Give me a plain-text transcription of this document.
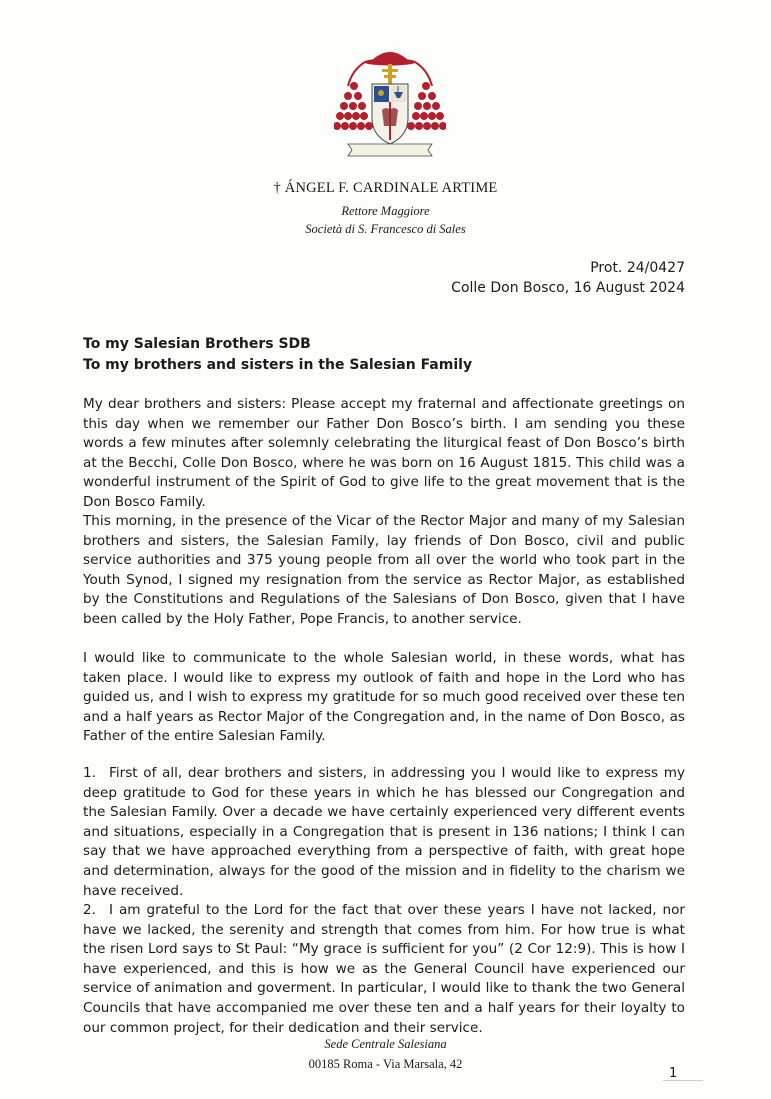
† ÁNGEL F. CARDINALE ARTIME
Rettore Maggiore
Società di S. Francesco di Sales
Prot. 24/0427
Colle Don Bosco, 16 August 2024
To my Salesian Brothers SDB
To my brothers and sisters in the Salesian Family

My dear brothers and sisters: Please accept my fraternal and affectionate greetings on this day when we remember our Father Don Bosco’s birth. I am sending you these words a few minutes after solemnly celebrating the liturgical feast of Don Bosco’s birth at the Becchi, Colle Don Bosco, where he was born on 16 August 1815. This child was a wonderful instrument of the Spirit of God to give life to the great movement that is the Don Bosco Family.

This morning, in the presence of the Vicar of the Rector Major and many of my Salesian brothers and sisters, the Salesian Family, lay friends of Don Bosco, civil and public service authorities and 375 young people from all over the world who took part in the Youth Synod, I signed my resignation from the service as Rector Major, as established by the Constitutions and Regulations of the Salesians of Don Bosco, given that I have been called by the Holy Father, Pope Francis, to another service.

I would like to communicate to the whole Salesian world, in these words, what has taken place. I would like to express my outlook of faith and hope in the Lord who has guided us, and I wish to express my gratitude for so much good received over these ten and a half years as Rector Major of the Congregation and, in the name of Don Bosco, as Father of the entire Salesian Family.

1. First of all, dear brothers and sisters, in addressing you I would like to express my deep gratitude to God for these years in which he has blessed our Congregation and the Salesian Family. Over a decade we have certainly experienced very different events and situations, especially in a Congregation that is present in 136 nations; I think I can say that we have approached everything from a perspective of faith, with great hope and determination, always for the good of the mission and in fidelity to the charism we have received.

2. I am grateful to the Lord for the fact that over these years I have not lacked, nor have we lacked, the serenity and strength that comes from him. For how true is what the risen Lord says to St Paul: “My grace is sufficient for you” (2 Cor 12:9). This is how I have experienced, and this is how we as the General Council have experienced our service of animation and goverment. In particular, I would like to thank the two General Councils that have accompanied me over these ten and a half years for their loyalty to our common project, for their dedication and their service.

Sede Centrale Salesiana
00185 Roma - Via Marsala, 42
1
